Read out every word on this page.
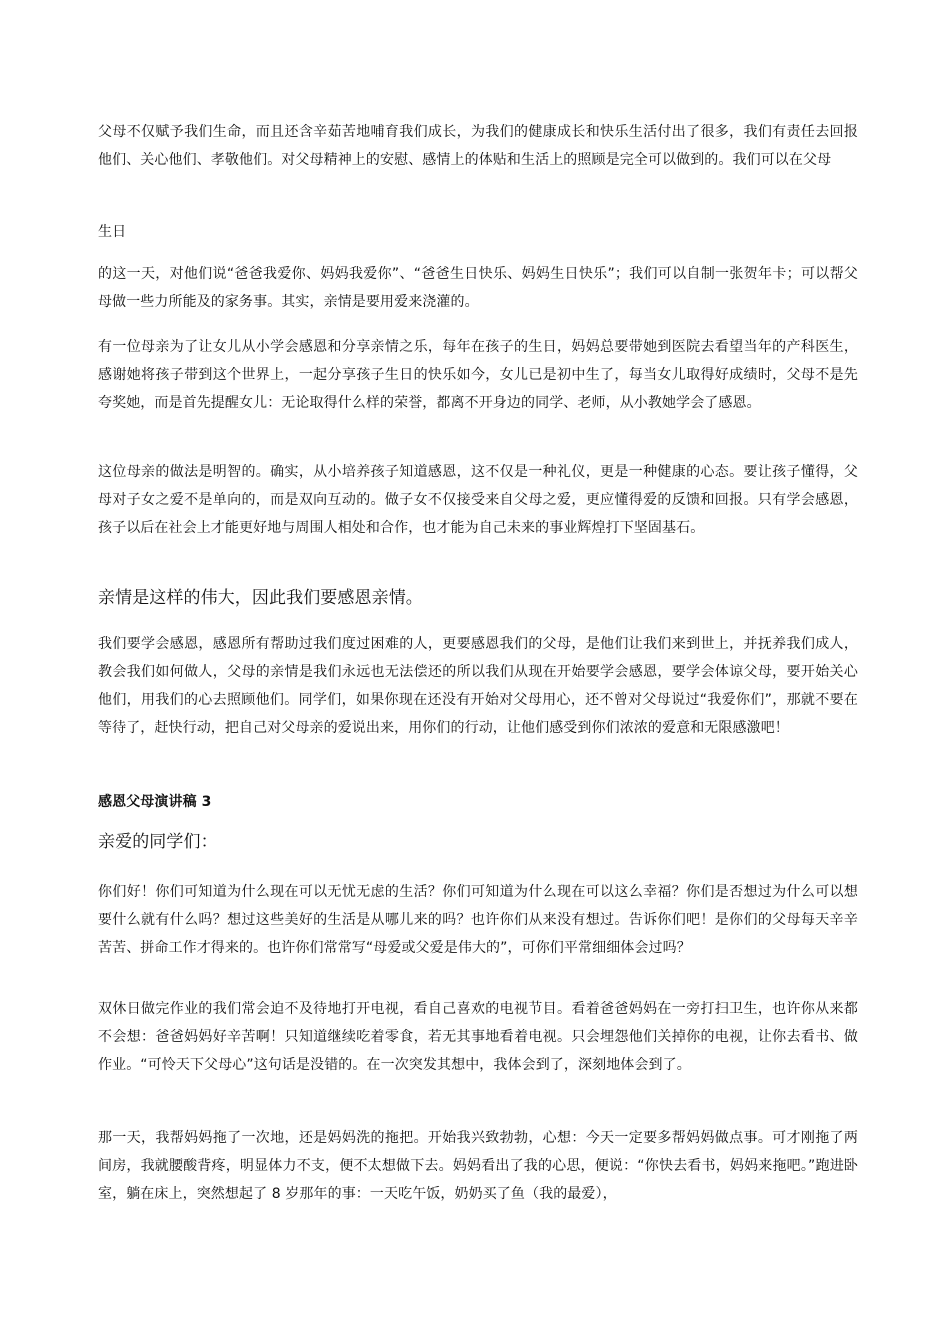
父母不仅赋予我们生命，而且还含辛茹苦地哺育我们成长，为我们的健康成长和快乐生活付出了很多，我们有责任去回报他们、关心他们、孝敬他们。对父母精神上的安慰、感情上的体贴和生活上的照顾是完全可以做到的。我们可以在父母

生日

的这一天，对他们说“爸爸我爱你、妈妈我爱你”、“爸爸生日快乐、妈妈生日快乐”；我们可以自制一张贺年卡；可以帮父母做一些力所能及的家务事。其实，亲情是要用爱来浇灌的。

有一位母亲为了让女儿从小学会感恩和分享亲情之乐，每年在孩子的生日，妈妈总要带她到医院去看望当年的产科医生，感谢她将孩子带到这个世界上，一起分享孩子生日的快乐如今，女儿已是初中生了，每当女儿取得好成绩时，父母不是先夸奖她，而是首先提醒女儿：无论取得什么样的荣誉，都离不开身边的同学、老师，从小教她学会了感恩。

这位母亲的做法是明智的。确实，从小培养孩子知道感恩，这不仅是一种礼仪，更是一种健康的心态。要让孩子懂得，父母对子女之爱不是单向的，而是双向互动的。做子女不仅接受来自父母之爱，更应懂得爱的反馈和回报。只有学会感恩，孩子以后在社会上才能更好地与周围人相处和合作，也才能为自己未来的事业辉煌打下坚固基石。

亲情是这样的伟大，因此我们要感恩亲情。

我们要学会感恩，感恩所有帮助过我们度过困难的人，更要感恩我们的父母，是他们让我们来到世上，并抚养我们成人，教会我们如何做人，父母的亲情是我们永远也无法偿还的所以我们从现在开始要学会感恩，要学会体谅父母，要开始关心他们，用我们的心去照顾他们。同学们，如果你现在还没有开始对父母用心，还不曾对父母说过“我爱你们”，那就不要在等待了，赶快行动，把自己对父母亲的爱说出来，用你们的行动，让他们感受到你们浓浓的爱意和无限感激吧！

感恩父母演讲稿 3

亲爱的同学们：

你们好！你们可知道为什么现在可以无忧无虑的生活？你们可知道为什么现在可以这么幸福？你们是否想过为什么可以想要什么就有什么吗？想过这些美好的生活是从哪儿来的吗？也许你们从来没有想过。告诉你们吧！是你们的父母每天辛辛苦苦、拼命工作才得来的。也许你们常常写“母爱或父爱是伟大的”，可你们平常细细体会过吗？

双休日做完作业的我们常会迫不及待地打开电视，看自己喜欢的电视节目。看着爸爸妈妈在一旁打扫卫生，也许你从来都不会想：爸爸妈妈好辛苦啊！只知道继续吃着零食，若无其事地看着电视。只会埋怨他们关掉你的电视，让你去看书、做作业。“可怜天下父母心”这句话是没错的。在一次突发其想中，我体会到了，深刻地体会到了。

那一天，我帮妈妈拖了一次地，还是妈妈洗的拖把。开始我兴致勃勃，心想：今天一定要多帮妈妈做点事。可才刚拖了两间房，我就腰酸背疼，明显体力不支，便不太想做下去。妈妈看出了我的心思，便说：“你快去看书，妈妈来拖吧。”跑进卧室，躺在床上，突然想起了 8 岁那年的事：一天吃午饭，奶奶买了鱼（我的最爱），
